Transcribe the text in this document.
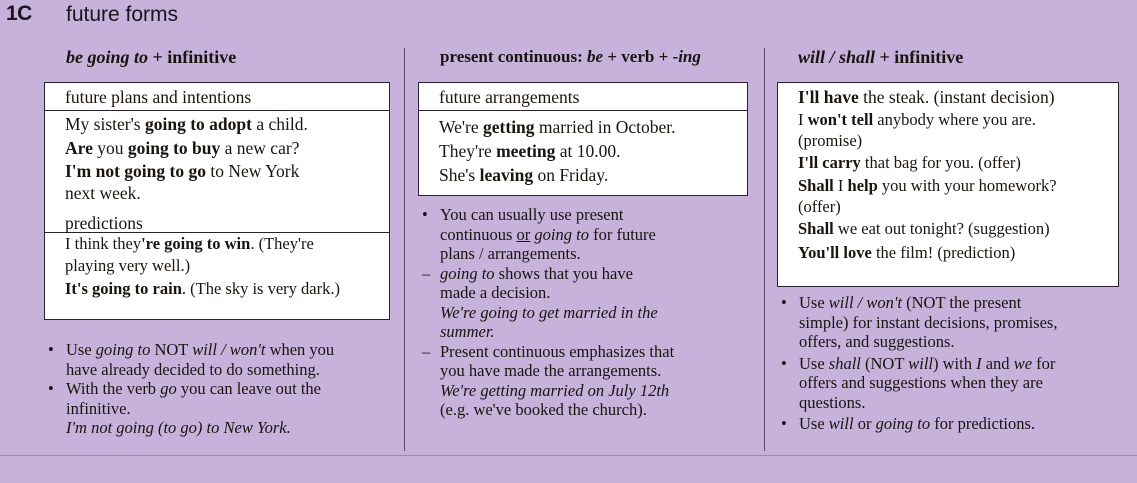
1C future forms
be going to + infinitive
future plans and intentions
My sister's going to adopt a child.
Are you going to buy a new car?
I'm not going to go to New York
next week.
predictions
I think they're going to win. (They're
playing very well.)
It's going to rain. (The sky is very dark.)
• Use going to NOT will / won't when you
have already decided to do something.
• With the verb go you can leave out the
infinitive.
I'm not going (to go) to New York.
present continuous: be + verb + -ing
future arrangements
We're getting married in October.
They're meeting at 10.00.
She's leaving on Friday.
• You can usually use present
continuous or going to for future
plans / arrangements.
– going to shows that you have
made a decision.
We're going to get married in the
summer.
– Present continuous emphasizes that
you have made the arrangements.
We're getting married on July 12th
(e.g. we've booked the church).
will / shall + infinitive
I'll have the steak. (instant decision)
I won't tell anybody where you are.
(promise)
I'll carry that bag for you. (offer)
Shall I help you with your homework?
(offer)
Shall we eat out tonight? (suggestion)
You'll love the film! (prediction)
• Use will / won't (NOT the present
simple) for instant decisions, promises,
offers, and suggestions.
• Use shall (NOT will) with I and we for
offers and suggestions when they are
questions.
• Use will or going to for predictions.
